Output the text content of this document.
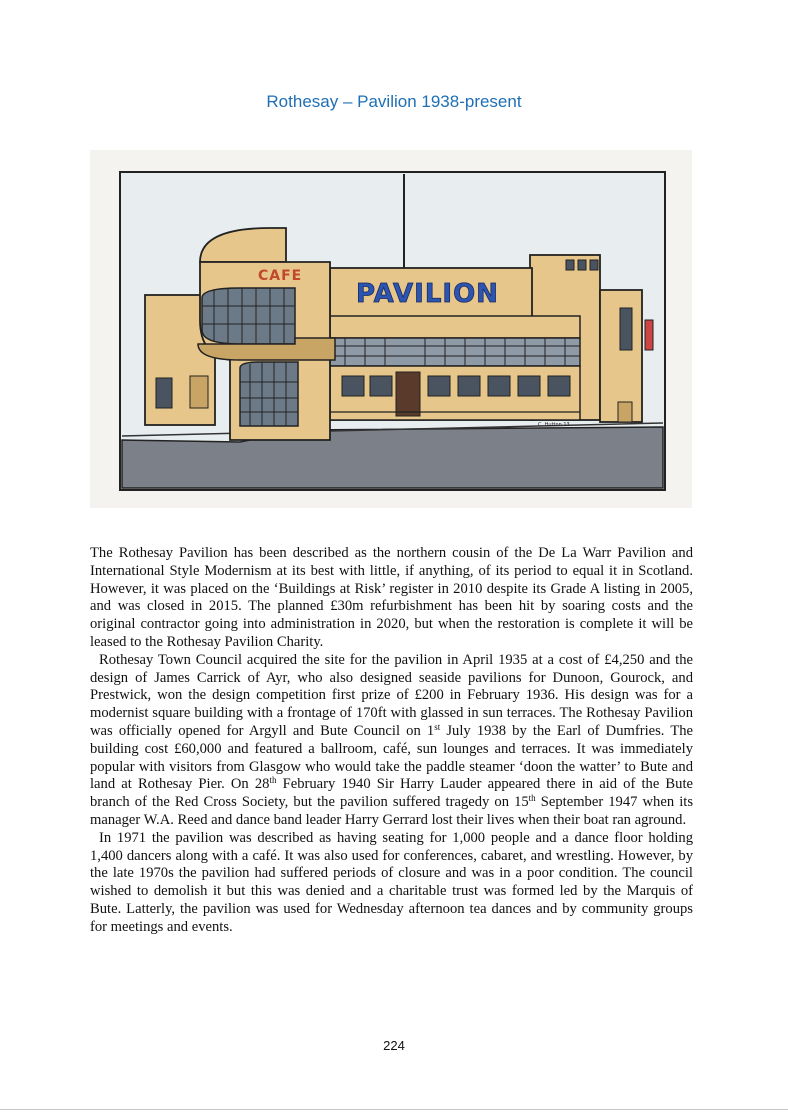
Rothesay – Pavilion 1938-present
PAVILION
C. Hutton 13
CAFE

The Rothesay Pavilion has been described as the northern cousin of the De La Warr Pavilion and International Style Modernism at its best with little, if anything, of its period to equal it in Scotland. However, it was placed on the ‘Buildings at Risk’ register in 2010 despite its Grade A listing in 2005, and was closed in 2015. The planned £30m refurbishment has been hit by soaring costs and the original contractor going into administration in 2020, but when the restoration is complete it will be leased to the Rothesay Pavilion Charity.

Rothesay Town Council acquired the site for the pavilion in April 1935 at a cost of £4,250 and the design of James Carrick of Ayr, who also designed seaside pavilions for Dunoon, Gourock, and Prestwick, won the design competition first prize of £200 in February 1936. His design was for a modernist square building with a frontage of 170ft with glassed in sun terraces. The Rothesay Pavilion was officially opened for Argyll and Bute Council on 1st July 1938 by the Earl of Dumfries. The building cost £60,000 and featured a ballroom, café, sun lounges and terraces. It was immediately popular with visitors from Glasgow who would take the paddle steamer ‘doon the watter’ to Bute and land at Rothesay Pier. On 28th February 1940 Sir Harry Lauder appeared there in aid of the Bute branch of the Red Cross Society, but the pavilion suffered tragedy on 15th September 1947 when its manager W.A. Reed and dance band leader Harry Gerrard lost their lives when their boat ran aground.

In 1971 the pavilion was described as having seating for 1,000 people and a dance floor holding 1,400 dancers along with a café. It was also used for conferences, cabaret, and wrestling. However, by the late 1970s the pavilion had suffered periods of closure and was in a poor condition. The council wished to demolish it but this was denied and a charitable trust was formed led by the Marquis of Bute. Latterly, the pavilion was used for Wednesday afternoon tea dances and by community groups for meetings and events.

224
